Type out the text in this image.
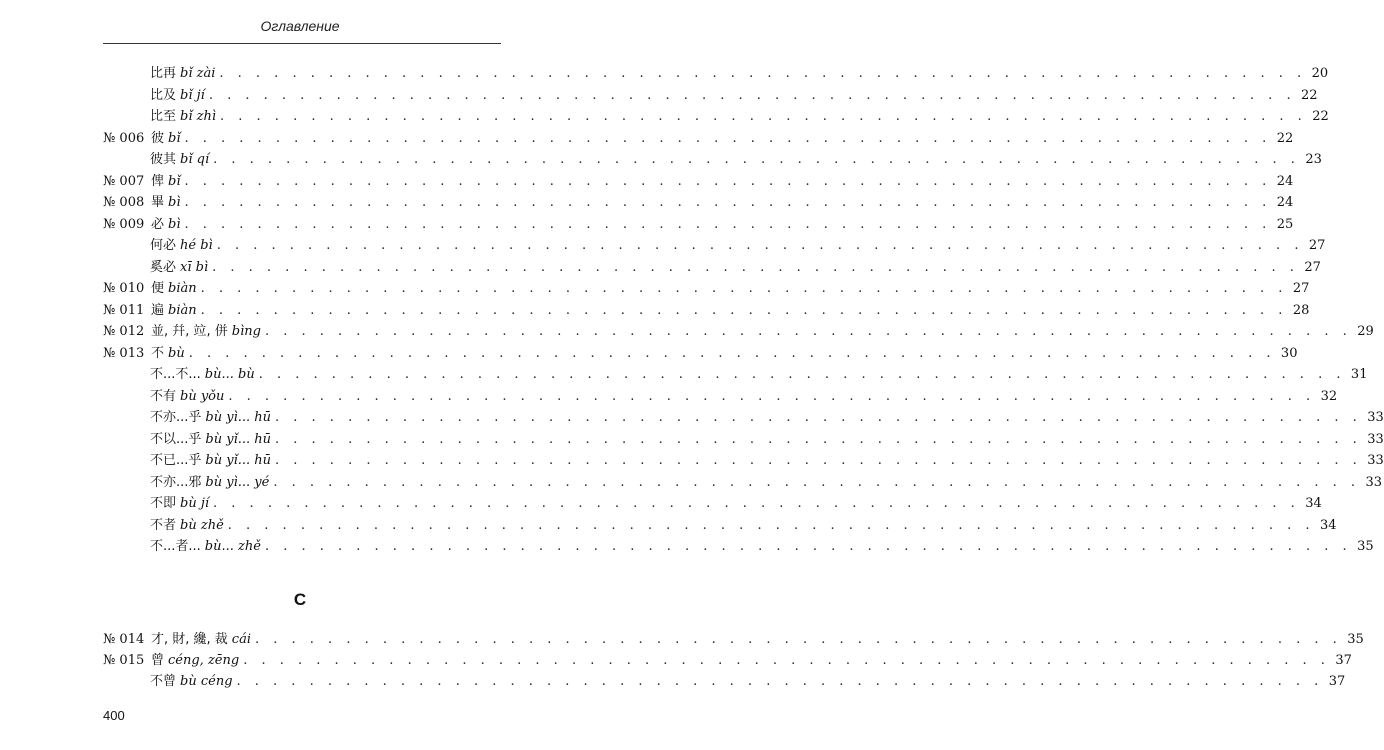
Оглавление
比再 bǐ zài . . . . . . . . . . . . . . . . . . . . . . . . . . . . . . . . . . . . . . . . . . . . . . . . . . . . . . . . . . . . 20
比及 bǐ jí . . . . . . . . . . . . . . . . . . . . . . . . . . . . . . . . . . . . . . . . . . . . . . . . . . . . . . . . . . . . 22
比至 bǐ zhì . . . . . . . . . . . . . . . . . . . . . . . . . . . . . . . . . . . . . . . . . . . . . . . . . . . . . . . . . . . . 22
№ 006 彼 bǐ . . . . . . . . . . . . . . . . . . . . . . . . . . . . . . . . . . . . . . . . . . . . . . . . . . . . . . . . . . . . 22
彼其 bǐ qí . . . . . . . . . . . . . . . . . . . . . . . . . . . . . . . . . . . . . . . . . . . . . . . . . . . . . . . . . . . . 23
№ 007 俾 bǐ . . . . . . . . . . . . . . . . . . . . . . . . . . . . . . . . . . . . . . . . . . . . . . . . . . . . . . . . . . . . 24
№ 008 畢 bì . . . . . . . . . . . . . . . . . . . . . . . . . . . . . . . . . . . . . . . . . . . . . . . . . . . . . . . . . . . . 24
№ 009 必 bì . . . . . . . . . . . . . . . . . . . . . . . . . . . . . . . . . . . . . . . . . . . . . . . . . . . . . . . . . . . . 25
何必 hé bì . . . . . . . . . . . . . . . . . . . . . . . . . . . . . . . . . . . . . . . . . . . . . . . . . . . . . . . . . . . . 27
奚必 xī bì . . . . . . . . . . . . . . . . . . . . . . . . . . . . . . . . . . . . . . . . . . . . . . . . . . . . . . . . . . . . 27
№ 010 便 biàn . . . . . . . . . . . . . . . . . . . . . . . . . . . . . . . . . . . . . . . . . . . . . . . . . . . . . . . . . . . . 27
№ 011 遍 biàn . . . . . . . . . . . . . . . . . . . . . . . . . . . . . . . . . . . . . . . . . . . . . . . . . . . . . . . . . . . . 28
№ 012 並, 幷, 竝, 併 bìng . . . . . . . . . . . . . . . . . . . . . . . . . . . . . . . . . . . . . . . . . . . . . . . . . . . . . . . . . . . . 29
№ 013 不 bù . . . . . . . . . . . . . . . . . . . . . . . . . . . . . . . . . . . . . . . . . . . . . . . . . . . . . . . . . . . . 30
不...不... bù... bù . . . . . . . . . . . . . . . . . . . . . . . . . . . . . . . . . . . . . . . . . . . . . . . . . . . . . . . . . . . . 31
不有 bù yǒu . . . . . . . . . . . . . . . . . . . . . . . . . . . . . . . . . . . . . . . . . . . . . . . . . . . . . . . . . . . . 32
不亦...乎 bù yì... hū . . . . . . . . . . . . . . . . . . . . . . . . . . . . . . . . . . . . . . . . . . . . . . . . . . . . . . . . . . . . 33
不以...乎 bù yǐ... hū . . . . . . . . . . . . . . . . . . . . . . . . . . . . . . . . . . . . . . . . . . . . . . . . . . . . . . . . . . . . 33
不已...乎 bù yǐ... hū . . . . . . . . . . . . . . . . . . . . . . . . . . . . . . . . . . . . . . . . . . . . . . . . . . . . . . . . . . . . 33
不亦...邪 bù yì... yé . . . . . . . . . . . . . . . . . . . . . . . . . . . . . . . . . . . . . . . . . . . . . . . . . . . . . . . . . . . . 33
不即 bù jí . . . . . . . . . . . . . . . . . . . . . . . . . . . . . . . . . . . . . . . . . . . . . . . . . . . . . . . . . . . . 34
不者 bù zhě . . . . . . . . . . . . . . . . . . . . . . . . . . . . . . . . . . . . . . . . . . . . . . . . . . . . . . . . . . . . 34
不...者... bù... zhě . . . . . . . . . . . . . . . . . . . . . . . . . . . . . . . . . . . . . . . . . . . . . . . . . . . . . . . . . . . . 35
№ 014 才, 財, 纔, 裁 cái . . . . . . . . . . . . . . . . . . . . . . . . . . . . . . . . . . . . . . . . . . . . . . . . . . . . . . . . . . . . 35
№ 015 曾 céng, zēng . . . . . . . . . . . . . . . . . . . . . . . . . . . . . . . . . . . . . . . . . . . . . . . . . . . . . . . . . . . . 37
不曾 bù céng . . . . . . . . . . . . . . . . . . . . . . . . . . . . . . . . . . . . . . . . . . . . . . . . . . . . . . . . . . . . 37
C
400
